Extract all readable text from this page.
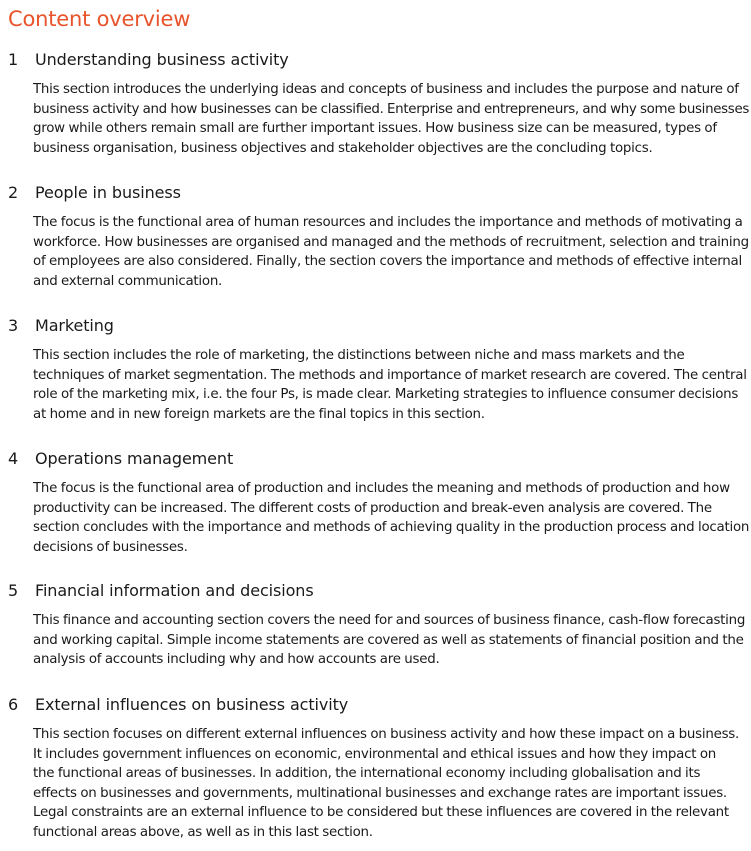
Content overview
1 Understanding business activity

This section introduces the underlying ideas and concepts of business and includes the purpose and nature of
business activity and how businesses can be classified. Enterprise and entrepreneurs, and why some businesses
grow while others remain small are further important issues. How business size can be measured, types of
business organisation, business objectives and stakeholder objectives are the concluding topics.

2 People in business

The focus is the functional area of human resources and includes the importance and methods of motivating a
workforce. How businesses are organised and managed and the methods of recruitment, selection and training
of employees are also considered. Finally, the section covers the importance and methods of effective internal
and external communication.

3 Marketing

This section includes the role of marketing, the distinctions between niche and mass markets and the
techniques of market segmentation. The methods and importance of market research are covered. The central
role of the marketing mix, i.e. the four Ps, is made clear. Marketing strategies to influence consumer decisions
at home and in new foreign markets are the final topics in this section.

4 Operations management

The focus is the functional area of production and includes the meaning and methods of production and how
productivity can be increased. The different costs of production and break-even analysis are covered. The
section concludes with the importance and methods of achieving quality in the production process and location
decisions of businesses.

5 Financial information and decisions

This finance and accounting section covers the need for and sources of business finance, cash-flow forecasting
and working capital. Simple income statements are covered as well as statements of financial position and the
analysis of accounts including why and how accounts are used.

6 External influences on business activity

This section focuses on different external influences on business activity and how these impact on a business.
It includes government influences on economic, environmental and ethical issues and how they impact on
the functional areas of businesses. In addition, the international economy including globalisation and its
effects on businesses and governments, multinational businesses and exchange rates are important issues.
Legal constraints are an external influence to be considered but these influences are covered in the relevant
functional areas above, as well as in this last section.
